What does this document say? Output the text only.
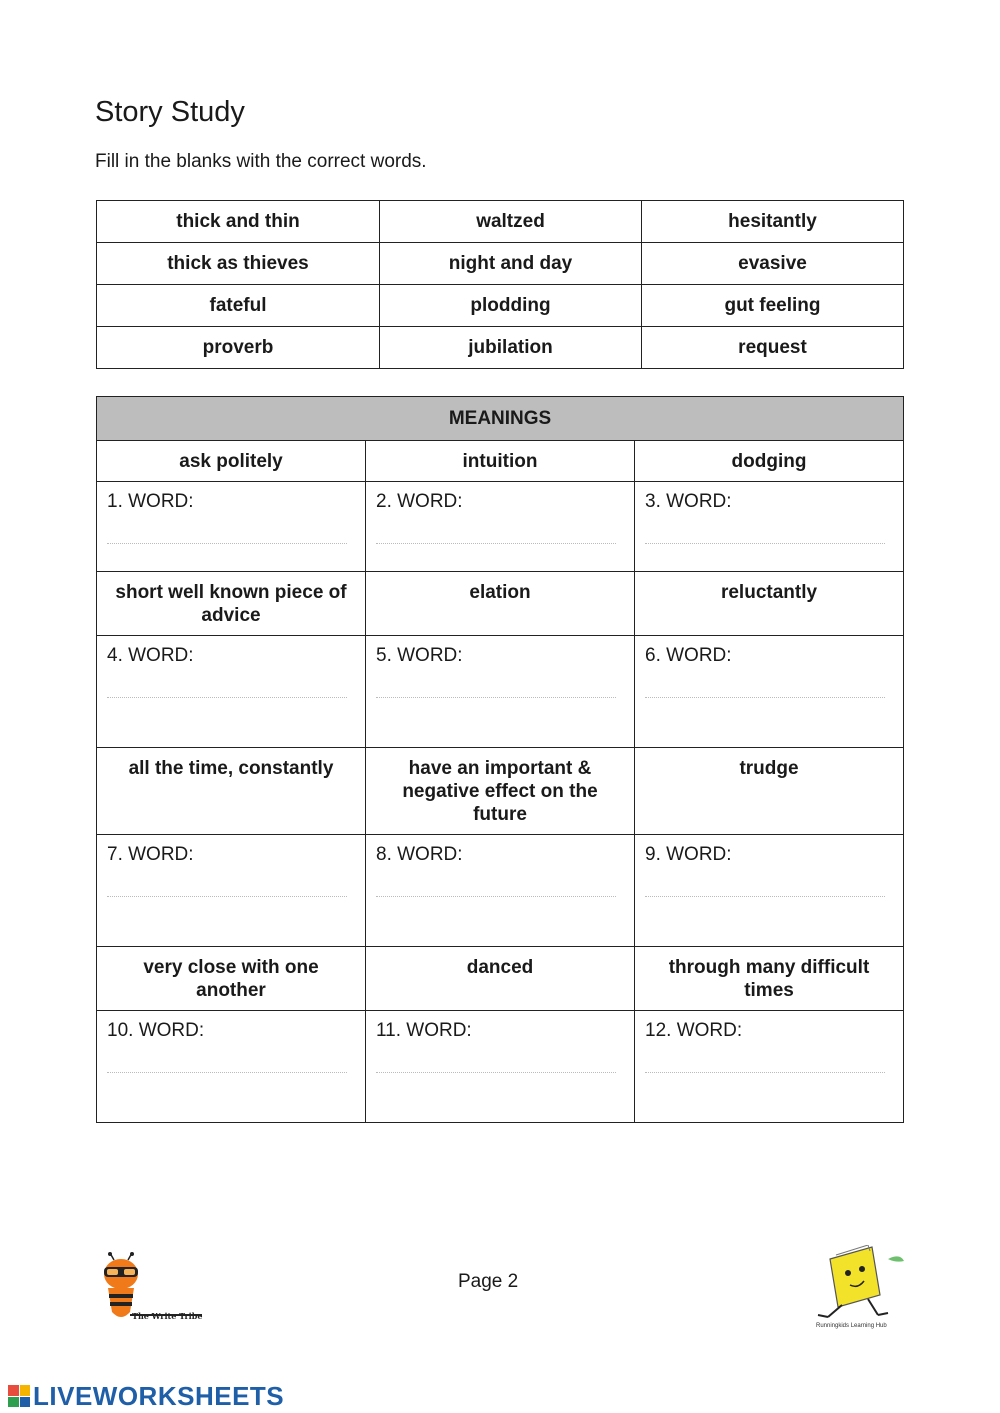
Story Study

Fill in the blanks with the correct words.

thick and thin	waltzed	hesitantly
thick as thieves	night and day	evasive
fateful	plodding	gut feeling
proverb	jubilation	request
MEANINGS		
ask politely	intuition	dodging
1. WORD:	2. WORD:	3. WORD:

short well known piece of advice	elation	reluctantly
4. WORD:	5. WORD:	6. WORD:

all the time, constantly	have an important & negative effect on the future	trudge
7. WORD:	8. WORD:	9. WORD:

very close with one another	danced	through many difficult times
10. WORD:	11. WORD:	12. WORD:
The Write Tribe

Page 2

Runningkids Learning Hub
LIVEWORKSHEETS
